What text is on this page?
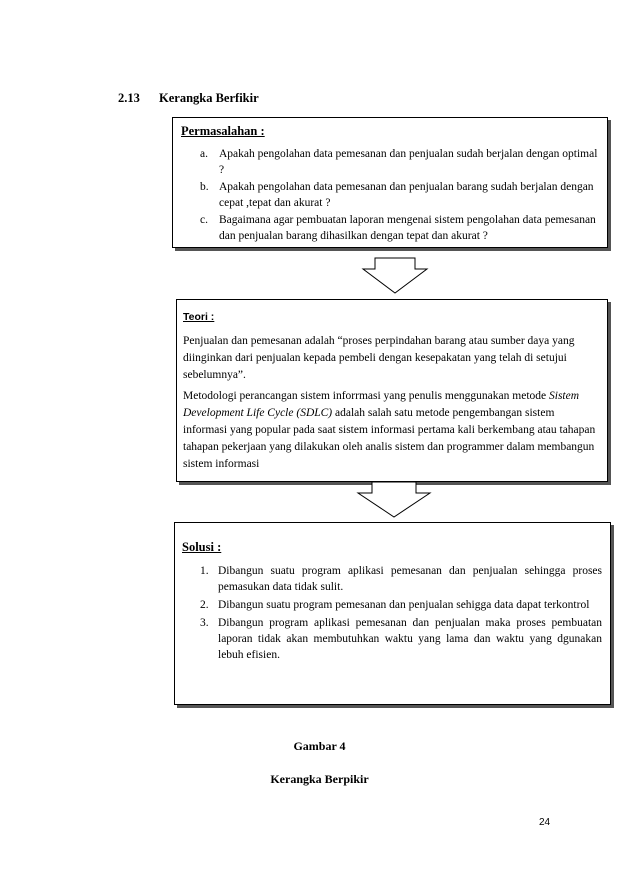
2.13 Kerangka Berfikir
Permasalahan :
a. Apakah pengolahan data pemesanan dan penjualan sudah berjalan dengan optimal ?
b. Apakah pengolahan data pemesanan dan penjualan barang sudah berjalan dengan cepat ,tepat dan akurat ?
c. Bagaimana agar pembuatan laporan mengenai sistem pengolahan data pemesanan dan penjualan barang dihasilkan dengan tepat dan akurat ?
Teori :

Penjualan dan pemesanan adalah “proses perpindahan barang atau sumber daya yang diinginkan dari penjualan kepada pembeli dengan kesepakatan yang telah di setujui sebelumnya”.

Metodologi perancangan sistem inforrmasi yang penulis menggunakan metode Sistem Development Life Cycle (SDLC) adalah salah satu metode pengembangan sistem informasi yang popular pada saat sistem informasi pertama kali berkembang atau tahapan tahapan pekerjaan yang dilakukan oleh analis sistem dan programmer dalam membangun sistem informasi

Solusi :
1. Dibangun suatu program aplikasi pemesanan dan penjualan sehingga proses pemasukan data tidak sulit.
2. Dibangun suatu program pemesanan dan penjualan sehigga data dapat terkontrol
3. Dibangun program aplikasi pemesanan dan penjualan maka proses pembuatan laporan tidak akan membutuhkan waktu yang lama dan waktu yang dgunakan lebuh efisien.
Gambar 4
Kerangka Berpikir
24
